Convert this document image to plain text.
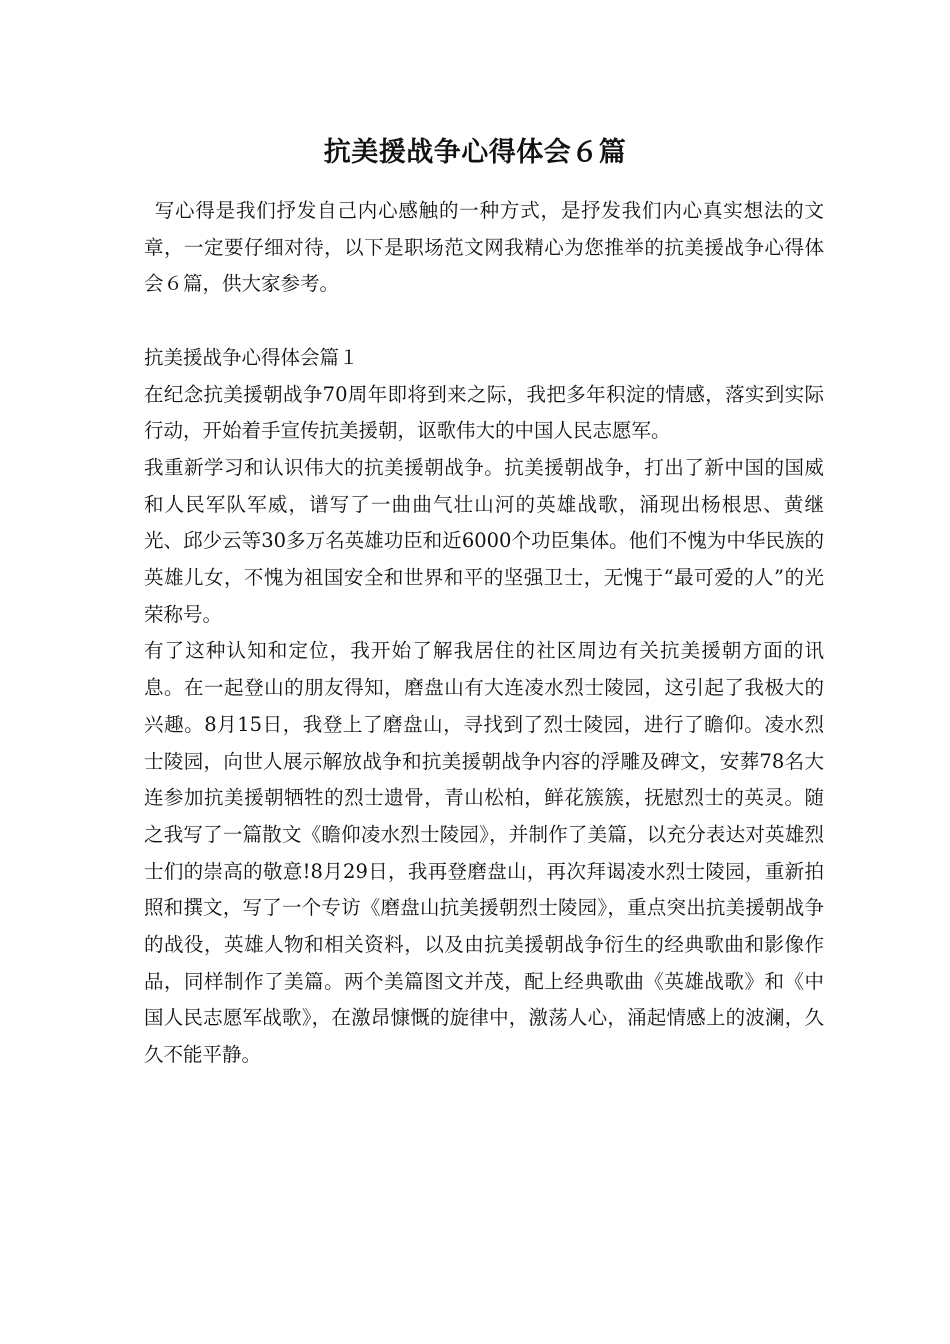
抗美援战争心得体会６篇

写心得是我们抒发自己内心感触的一种方式，是抒发我们内心真实想法的文章，一定要仔细对待，以下是职场范文网我精心为您推举的抗美援战争心得体会６篇，供大家参考。

抗美援战争心得体会篇１

在纪念抗美援朝战争70周年即将到来之际，我把多年积淀的情感，落实到实际行动，开始着手宣传抗美援朝，讴歌伟大的中国人民志愿军。

我重新学习和认识伟大的抗美援朝战争。抗美援朝战争，打出了新中国的国威和人民军队军威，谱写了一曲曲气壮山河的英雄战歌，涌现出杨根思、黄继光、邱少云等30多万名英雄功臣和近6000个功臣集体。他们不愧为中华民族的英雄儿女，不愧为祖国安全和世界和平的坚强卫士，无愧于“最可爱的人”的光荣称号。

有了这种认知和定位，我开始了解我居住的社区周边有关抗美援朝方面的讯息。在一起登山的朋友得知，磨盘山有大连凌水烈士陵园，这引起了我极大的兴趣。8月15日，我登上了磨盘山，寻找到了烈士陵园，进行了瞻仰。凌水烈士陵园，向世人展示解放战争和抗美援朝战争内容的浮雕及碑文，安葬78名大连参加抗美援朝牺牲的烈士遗骨，青山松柏，鲜花簇簇，抚慰烈士的英灵。随之我写了一篇散文《瞻仰凌水烈士陵园》，并制作了美篇，以充分表达对英雄烈士们的崇高的敬意!8月29日，我再登磨盘山，再次拜谒凌水烈士陵园，重新拍照和撰文，写了一个专访《磨盘山抗美援朝烈士陵园》，重点突出抗美援朝战争的战役，英雄人物和相关资料，以及由抗美援朝战争衍生的经典歌曲和影像作品，同样制作了美篇。两个美篇图文并茂，配上经典歌曲《英雄战歌》和《中国人民志愿军战歌》，在激昂慷慨的旋律中，激荡人心，涌起情感上的波澜，久久不能平静。
